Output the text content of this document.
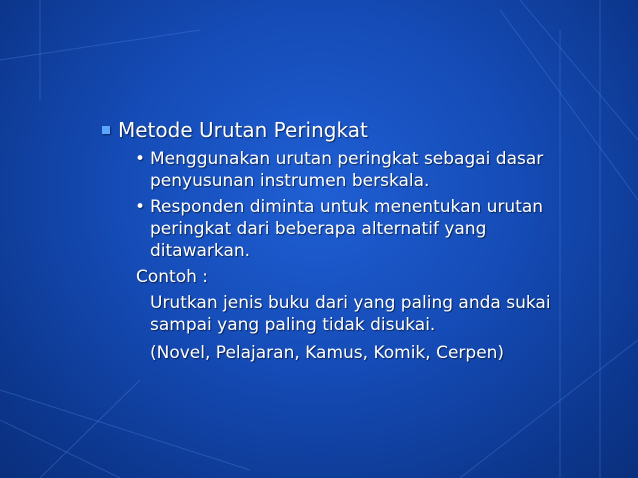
Metode Urutan Peringkat
• Menggunakan urutan peringkat sebagai dasar
penyusunan instrumen berskala.
• Responden diminta untuk menentukan urutan
peringkat dari beberapa alternatif yang
ditawarkan.
Contoh :
Urutkan jenis buku dari yang paling anda sukai
sampai yang paling tidak disukai.
(Novel, Pelajaran, Kamus, Komik, Cerpen)
